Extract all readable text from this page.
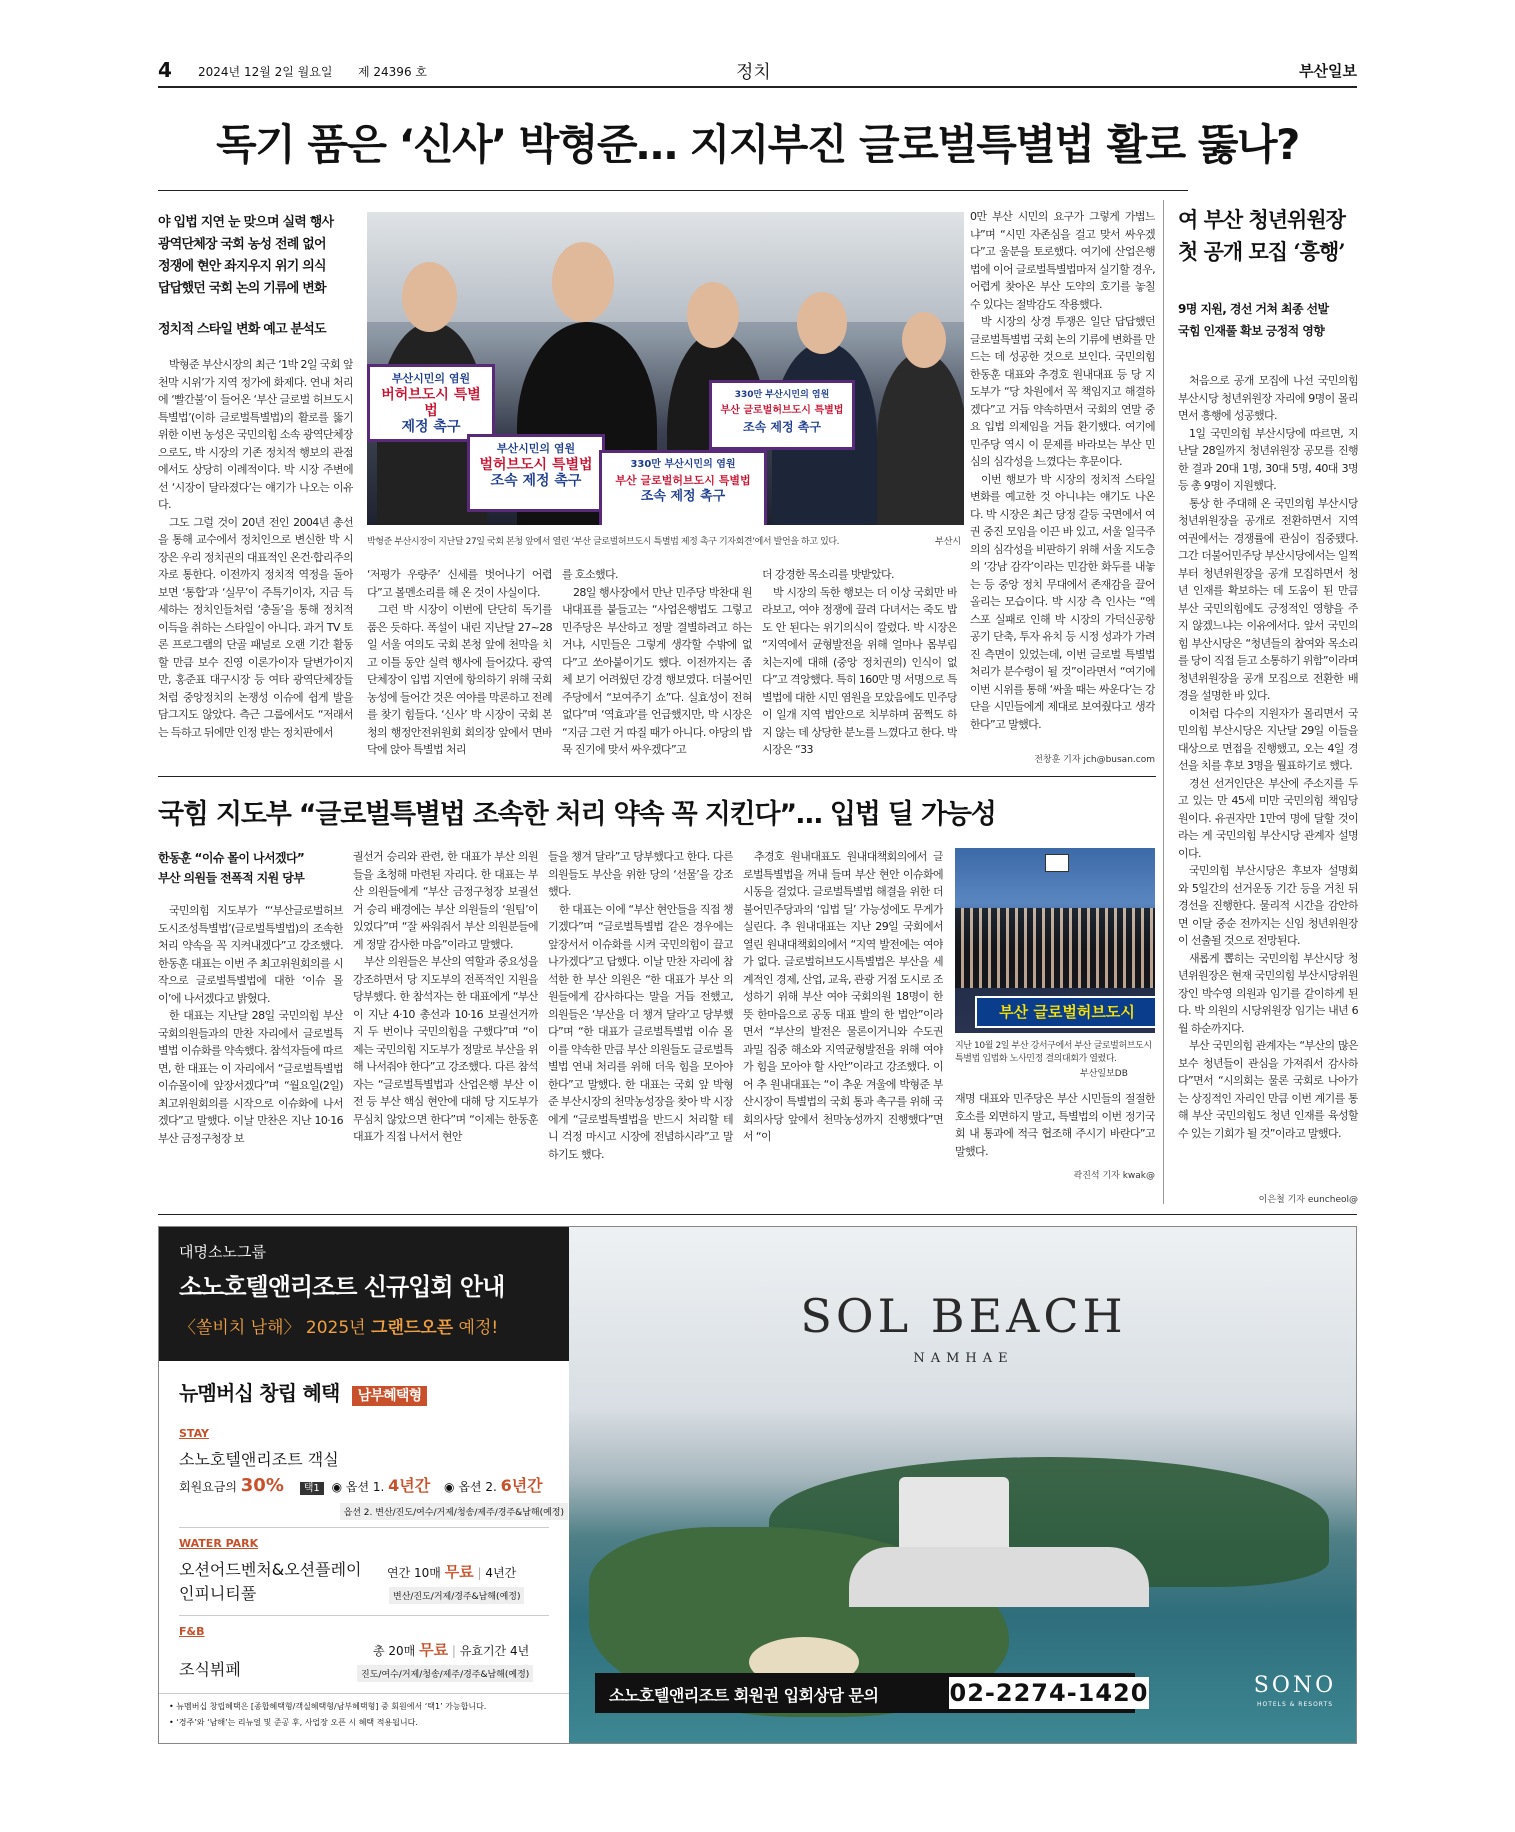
4 2024년 12월 2일 월요일 제 24396 호	정치	부산일보
독기 품은 ‘신사’ 박형준… 지지부진 글로벌특별법 활로 뚫나?
야 입법 지연 눈 맞으며 실력 행사
광역단체장 국회 농성 전례 없어
정쟁에 현안 좌지우지 위기 의식
답답했던 국회 논의 기류에 변화
정치적 스타일 변화 예고 분석도

박형준 부산시장의 최근 ‘1박 2일 국회 앞 천막 시위’가 지역 정가에 화제다. 연내 처리에 ‘빨간불’이 들어온 ‘부산 글로벌 허브도시 특별법’(이하 글로벌특별법)의 활로를 뚫기 위한 이번 농성은 국민의힘 소속 광역단체장으로도, 박 시장의 기존 정치적 행보의 관점에서도 상당히 이례적이다. 박 시장 주변에선 ‘시장이 달라졌다’는 얘기가 나오는 이유다.

그도 그럴 것이 20년 전인 2004년 총선을 통해 교수에서 정치인으로 변신한 박 시장은 우리 정치권의 대표적인 온건·합리주의자로 통한다. 이전까지 정치적 역정을 돌아보면 ‘통합’과 ‘실무’이 주특기이자, 지금 득세하는 정치인들처럼 ‘충돌’을 통해 정치적 이득을 취하는 스타일이 아니다. 과거 TV 토론 프로그램의 단골 패널로 오랜 기간 활동할 만큼 보수 진영 이론가이자 달변가이지만, 홍준표 대구시장 등 여타 광역단체장들처럼 중앙정치의 논쟁성 이슈에 쉽게 발을 담그지도 않았다. 측근 그룹에서도 “저래서는 득하고 뒤에만 인정 받는 정치판에서

부산시민의 염원
버허브도시 특별법
제정 촉구
부산시민의 염원
벌허브도시 특별법
조속 제정 촉구
330만 부산시민의 염원
부산 글로벌허브도시 특별법
조속 제정 촉구
330만 부산시민의 염원
부산 글로벌허브도시 특별법
조속 제정 촉구
박형준 부산시장이 지난달 27일 국회 본청 앞에서 열린 ‘부산 글로벌허브도시 특별법 제정 촉구 기자회견’에서 발언을 하고 있다.	부산시

‘저평가 우량주’ 신세를 벗어나기 어렵다”고 볼멘소리를 해 온 것이 사실이다.

그런 박 시장이 이번에 단단히 독기를 품은 듯하다. 폭설이 내린 지난달 27~28일 서울 여의도 국회 본청 앞에 천막을 치고 이틀 동안 실력 행사에 들어갔다. 광역단체장이 입법 지연에 항의하기 위해 국회 농성에 들어간 것은 여야를 막론하고 전례를 찾기 힘들다. ‘신사’ 박 시장이 국회 본청의 행정안전위원회 회의장 앞에서 면바닥에 앉아 특별법 처리

를 호소했다.

28일 행사장에서 만난 민주당 박찬대 원내대표를 붙들고는 “사업은행법도 그렇고 민주당은 부산하고 정말 결별하려고 하는 거냐, 시민들은 그렇게 생각할 수밖에 없다”고 쏘아붙이기도 했다. 이전까지는 좀체 보기 어려웠던 강경 행보였다. 더불어민주당에서 “보여주기 쇼”다. 실효성이 전혀 없다”며 ‘역효과’를 언급했지만, 박 시장은 “지금 그런 거 따질 때가 아니다. 야당의 밥묵 진기에 맞서 싸우겠다”고

더 강경한 목소리를 밧받았다.

박 시장의 독한 행보는 더 이상 국회만 바라보고, 여야 정쟁에 끌려 다녀서는 죽도 밥도 안 된다는 위기의식이 깔렸다. 박 시장은 “지역에서 균형발전을 위해 얼마나 몸부림치는지에 대해 (중앙 정치권의) 인식이 없다”고 격앙했다. 특히 160만 명 서명으로 특별법에 대한 시민 염원을 모았음에도 민주당이 일개 지역 법안으로 치부하며 꿈쩍도 하지 않는 데 상당한 분노를 느꼈다고 한다. 박 시장은 “33

0만 부산 시민의 요구가 그렇게 가볍느냐”며 “시민 자존심을 걸고 맞서 싸우겠다”고 울분을 토로했다. 여기에 산업은행법에 이어 글로벌특별법마저 실기할 경우, 어렵게 찾아온 부산 도약의 호기를 놓칠 수 있다는 절박감도 작용했다.

박 시장의 상경 투쟁은 일단 답답했던 글로벌특별법 국회 논의 기류에 변화를 만드는 데 성공한 것으로 보인다. 국민의힘 한동훈 대표와 추경호 원내대표 등 당 지도부가 “당 차원에서 꼭 책임지고 해결하겠다”고 거듭 약속하면서 국회의 연말 중요 입법 의제임을 거듭 환기했다. 여기에 민주당 역시 이 문제를 바라보는 부산 민심의 심각성을 느꼈다는 후문이다.

이번 행보가 박 시장의 정치적 스타일 변화를 예고한 것 아니냐는 얘기도 나온다. 박 시장은 최근 당정 갈등 국면에서 여권 중진 모임을 이끈 바 있고, 서울 일극주의의 심각성을 비판하기 위해 서울 지도층의 ‘강남 감각’이라는 민감한 화두를 내놓는 등 중앙 정치 무대에서 존재감을 끌어올리는 모습이다. 박 시장 측 인사는 “엑스포 실패로 인해 박 시장의 가덕신공항 공기 단축, 투자 유치 등 시정 성과가 가려진 측면이 있었는데, 이번 글로벌 특별법 처리가 분수령이 될 것”이라면서 “여기에 이번 시위를 통해 ‘싸울 때는 싸운다’는 강단을 시민들에게 제대로 보여줬다고 생각한다”고 말했다.

전창훈 기자 jch@busan.com
여 부산 청년위원장
첫 공개 모집 ‘흥행’
9명 지원, 경선 거쳐 최종 선발
국힘 인재풀 확보 긍정적 영향

처음으로 공개 모집에 나선 국민의힘 부산시당 청년위원장 자리에 9명이 몰리면서 흥행에 성공했다.

1일 국민의힘 부산시당에 따르면, 지난달 28일까지 청년위원장 공모를 진행한 결과 20대 1명, 30대 5명, 40대 3명 등 총 9명이 지원했다.

통상 한 주대해 온 국민의힘 부산시당 청년위원장을 공개로 전환하면서 지역 여권에서는 경쟁률에 관심이 집중됐다. 그간 더불어민주당 부산시당에서는 일찍부터 청년위원장을 공개 모집하면서 청년 인재를 확보하는 데 도움이 된 만큼 부산 국민의힘에도 긍정적인 영향을 주지 않겠느냐는 이유에서다. 앞서 국민의힘 부산시당은 “청년들의 참여와 목소리를 당이 직접 듣고 소통하기 위함”이라며 청년위원장을 공개 모집으로 전환한 배경을 설명한 바 있다.

이처럼 다수의 지원자가 몰리면서 국민의힘 부산시당은 지난달 29일 이들을 대상으로 면접을 진행했고, 오는 4일 경선을 치를 후보 3명을 뭘표하기로 했다.

경선 선거인단은 부산에 주소지를 두고 있는 만 45세 미만 국민의힘 책임당원이다. 유권자만 1만여 명에 달할 것이라는 게 국민의힘 부산시당 관계자 설명이다.

국민의힘 부산시당은 후보자 설명회와 5일간의 선거운동 기간 등을 거친 뒤 경선을 진행한다. 물리적 시간을 감안하면 이달 중순 전까지는 신임 청년위원장이 선출될 것으로 전망된다.

새롭게 뽑히는 국민의힘 부산시당 청년위원장은 현재 국민의힘 부산시당위원장인 박수영 의원과 임기를 같이하게 된다. 박 의원의 시당위원장 임기는 내년 6월 하순까지다.

부산 국민의힘 관계자는 “부산의 많은 보수 청년들이 관심을 가져줘서 감사하다”면서 “시의회는 물론 국회로 나아가는 상징적인 자리인 만큼 이번 계기를 통해 부산 국민의힘도 청년 인재를 육성할 수 있는 기회가 될 것”이라고 말했다.

이은철 기자 euncheol@
국힘 지도부 “글로벌특별법 조속한 처리 약속 꼭 지킨다”… 입법 딜 가능성
한동훈 “이슈 몰이 나서겠다”
부산 의원들 전폭적 지원 당부

국민의힘 지도부가 “‘부산글로벌허브도시조성특별법’(글로벌특별법)의 조속한 처리 약속을 꼭 지켜내겠다”고 강조했다. 한동훈 대표는 이번 주 최고위원회의를 시작으로 글로벌특별법에 대한 ‘이슈 몰이’에 나서겠다고 밝혔다.

한 대표는 지난달 28일 국민의힘 부산 국회의원들과의 만찬 자리에서 글로벌특별법 이슈화를 약속했다. 참석자들에 따르면, 한 대표는 이 자리에서 “글로벌특별법 이슈몰이에 앞장서겠다”며 “월요일(2일) 최고위원회의를 시작으로 이슈화에 나서겠다”고 말했다. 이날 만찬은 지난 10·16 부산 금정구청장 보

궐선거 승리와 관련, 한 대표가 부산 의원들을 초청해 마련된 자리다. 한 대표는 부산 의원들에게 “부산 금정구청장 보궐선거 승리 배경에는 부산 의원들의 ‘원팀’이 있었다”며 “잘 싸워줘서 부산 의원분들에게 정말 감사한 마음”이라고 말했다.

부산 의원들은 부산의 역할과 중요성을 강조하면서 당 지도부의 전폭적인 지원을 당부했다. 한 참석자는 한 대표에게 “부산이 지난 4·10 총선과 10·16 보궐선거까지 두 번이나 국민의힘을 구했다”며 “이제는 국민의힘 지도부가 정말로 부산을 위해 나서줘야 한다”고 강조했다. 다른 참석자는 “글로벌특별법과 산업은행 부산 이전 등 부산 핵심 현안에 대해 당 지도부가 무심치 않았으면 한다”며 “이제는 한동훈 대표가 직접 나서서 현안

들을 챙겨 달라”고 당부했다고 한다. 다른 의원들도 부산을 위한 당의 ‘선물’을 강조했다.

한 대표는 이에 “부산 현안들을 직접 챙기겠다”며 “글로벌특별법 같은 경우에는 앞장서서 이슈화를 시켜 국민의힘이 끌고 나가겠다”고 답했다. 이날 만찬 자리에 참석한 한 부산 의원은 “한 대표가 부산 의원들에게 감사하다는 말을 거듭 전했고, 의원들은 ‘부산을 더 챙겨 달라’고 당부했다”며 “한 대표가 글로벌특별법 이슈 몰이를 약속한 만큼 부산 의원들도 글로벌특별법 연내 처리를 위해 더욱 힘을 모아야 한다”고 말했다. 한 대표는 국회 앞 박형준 부산시장의 천막농성장을 찾아 박 시장에게 “글로벌특별법을 반드시 처리할 테니 걱정 마시고 시장에 전념하시라”고 말하기도 했다.

추경호 원내대표도 원내대책회의에서 글로벌특별법을 꺼내 들며 부산 현안 이슈화에 시동을 걸었다. 글로벌특별법 해결을 위한 더불어민주당과의 ‘입법 딜’ 가능성에도 무게가 실린다. 추 원내대표는 지난 29일 국회에서 열린 원내대책회의에서 “지역 발전에는 여야가 없다. 글로벌허브도시특별법은 부산을 세계적인 경제, 산업, 교육, 관광 거점 도시로 조성하기 위해 부산 여야 국회의원 18명이 한 뜻 한마음으로 공동 대표 발의 한 법안”이라면서 “부산의 발전은 물론이거니와 수도권 과밀 집중 해소와 지역균형발전을 위해 여야가 힘을 모아야 할 사안”이라고 강조했다. 이어 추 원내대표는 “이 추운 겨울에 박형준 부산시장이 특별법의 국회 통과 촉구를 위해 국회의사당 앞에서 천막농성까지 진행했다”면서 “이

부산 글로벌허브도시
지난 10월 2일 부산 강서구에서 부산 글로벌허브도시 특별법 입법화 노사민정 결의대회가 열렸다.
부산일보DB

재명 대표와 민주당은 부산 시민들의 절절한 호소를 외면하지 말고, 특별법의 이번 정기국회 내 통과에 적극 협조해 주시기 바란다”고 말했다.

곽진석 기자 kwak@
대명소노그룹
소노호텔앤리조트 신규입회 안내
〈쏠비치 남해〉 2025년 그랜드오픈 예정!
뉴멤버십 창립 혜택 남부혜택형
STAY
소노호텔앤리조트 객실
회원요금의 30% 택1 ◉ 옵션 1. 4년간 ◉ 옵션 2. 6년간
옵션 2. 변산/진도/여수/거제/청송/제주/경주&남해(예정)
WATER PARK
오션어드벤처&오션플레이
인피니티풀
연간 10매 무료 | 4년간
변산/진도/거제/경주&남해(예정)
F&B
조식뷔페
총 20매 무료 | 유효기간 4년
진도/여수/거제/청송/제주/경주&남해(예정)
• 뉴멤버십 창립혜택은 [종합혜택형/객실혜택형/남부혜택형] 중 회원에서 ‘택1’ 가능합니다.
• ‘경주’와 ‘남해’는 리뉴얼 및 준공 후, 사업장 오픈 시 혜택 적용됩니다.
SOL BEACH
NAMHAE
소노호텔앤리조트 회원권 입회상담 문의	02-2274-1420	SONO
HOTELS & RESORTS
